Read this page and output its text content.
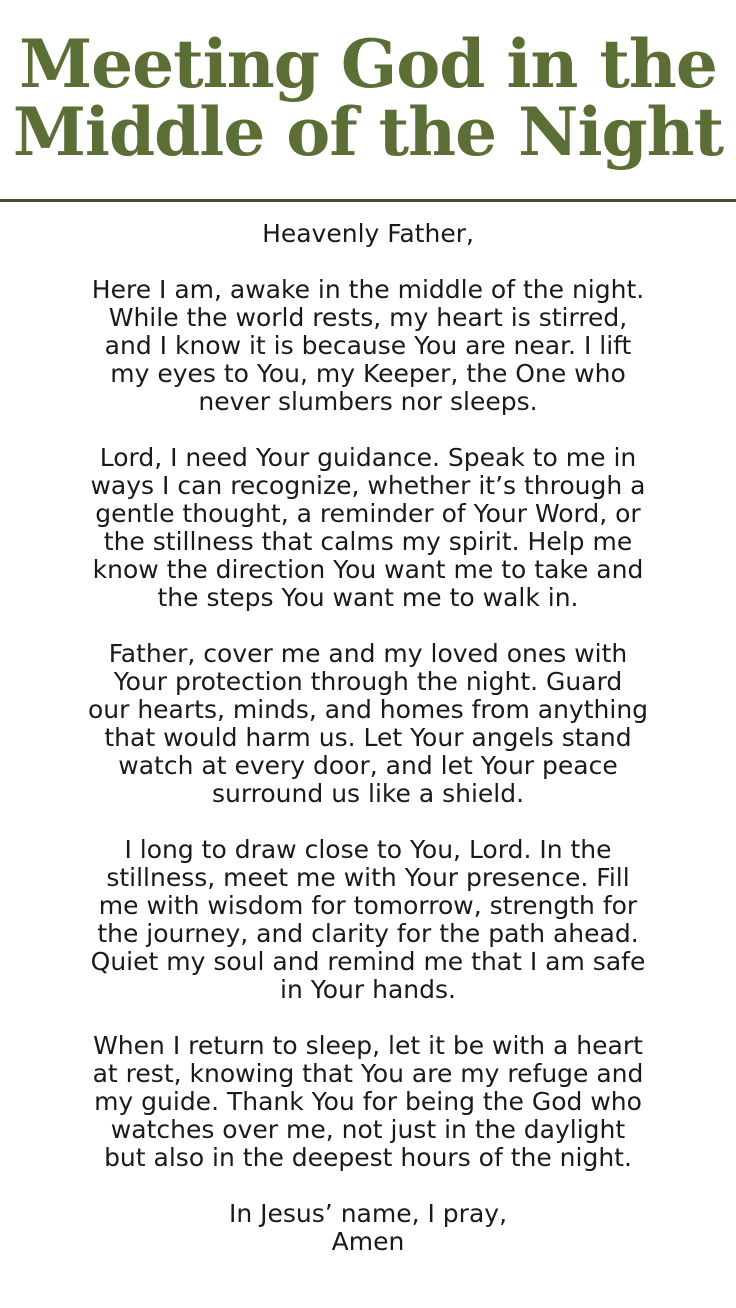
Meeting God in the
Middle of the Night

Heavenly Father,

Here I am, awake in the middle of the night.
While the world rests, my heart is stirred,
and I know it is because You are near. I lift
my eyes to You, my Keeper, the One who
never slumbers nor sleeps.

Lord, I need Your guidance. Speak to me in
ways I can recognize, whether it’s through a
gentle thought, a reminder of Your Word, or
the stillness that calms my spirit. Help me
know the direction You want me to take and
the steps You want me to walk in.

Father, cover me and my loved ones with
Your protection through the night. Guard
our hearts, minds, and homes from anything
that would harm us. Let Your angels stand
watch at every door, and let Your peace
surround us like a shield.

I long to draw close to You, Lord. In the
stillness, meet me with Your presence. Fill
me with wisdom for tomorrow, strength for
the journey, and clarity for the path ahead.
Quiet my soul and remind me that I am safe
in Your hands.

When I return to sleep, let it be with a heart
at rest, knowing that You are my refuge and
my guide. Thank You for being the God who
watches over me, not just in the daylight
but also in the deepest hours of the night.

In Jesus’ name, I pray,
Amen
